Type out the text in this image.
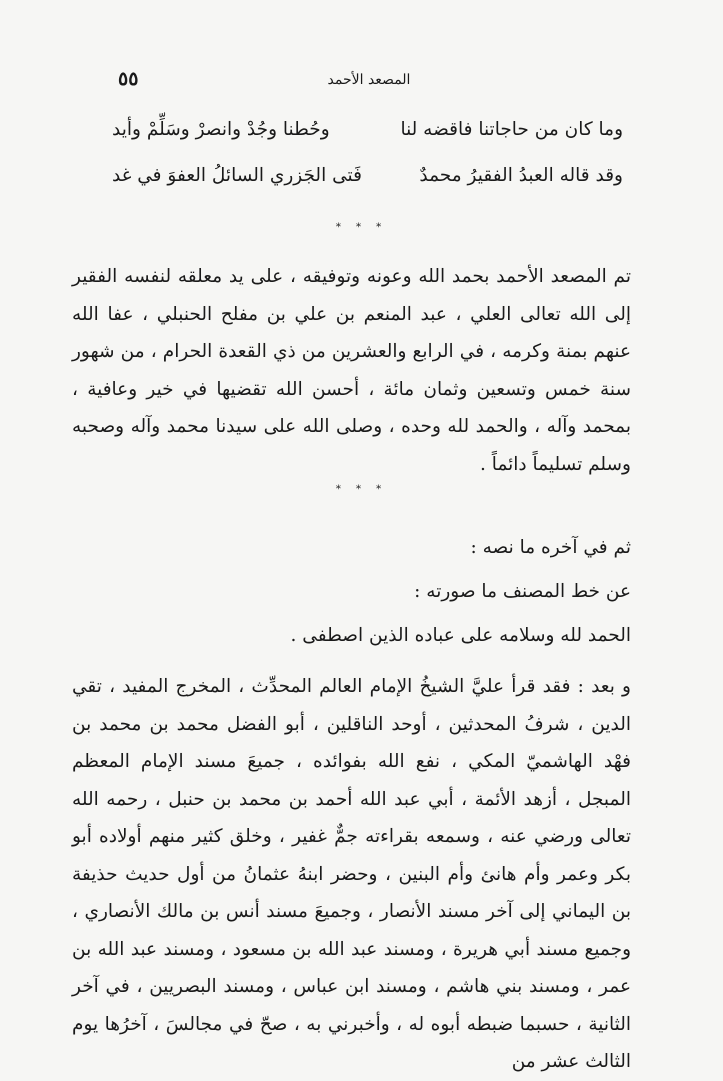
٥٥	المصعد الأحمد
وما كان من حاجاتنا فاقضه لنا
وحُطنا وجُدْ وانصرْ وسَلِّمْ وأيد
وقد قاله العبدُ الفقيرُ محمدٌ
فَتى الجَزري السائلُ العفوَ في غد
* * *

تم المصعد الأحمد بحمد الله وعونه وتوفيقه ، على يد معلقه لنفسه الفقير إلى الله تعالى العلي ، عبد المنعم بن علي بن مفلح الحنبلي ، عفا الله عنهم بمنة وكرمه ، في الرابع والعشرين من ذي القعدة الحرام ، من شهور سنة خمس وتسعين وثمان مائة ، أحسن الله تقضيها في خير وعافية ، بمحمد وآله ، والحمد لله وحده ، وصلى الله على سيدنا محمد وآله وصحبه وسلم تسليماً دائماً .

* * *
ثم في آخره ما نصه :
عن خط المصنف ما صورته :
الحمد لله وسلامه على عباده الذين اصطفى .

و بعد : فقد قرأ عليَّ الشيخُ الإمام العالم المحدِّث ، المخرج المفيد ، تقي الدين ، شرفُ المحدثين ، أوحد الناقلين ، أبو الفضل محمد بن محمد بن فهْد الهاشميّ المكي ، نفع الله بفوائده ، جميعَ مسند الإمام المعظم المبجل ، أزهد الأئمة ، أبي عبد الله أحمد بن محمد بن حنبل ، رحمه الله تعالى ورضي عنه ، وسمعه بقراءته جمٌّ غفير ، وخلق كثير منهم أولاده أبو بكر وعمر وأم هانئ وأم البنين ، وحضر ابنهُ عثمانُ من أول حديث حذيفة بن اليماني إلى آخر مسند الأنصار ، وجميعَ مسند أنس بن مالك الأنصاري ، وجميع مسند أبي هريرة ، ومسند عبد الله بن مسعود ، ومسند عبد الله بن عمر ، ومسند بني هاشم ، ومسند ابن عباس ، ومسند البصريين ، في آخر الثانية ، حسبما ضبطه أبوه له ، وأخبرني به ، صحّ في مجالسَ ، آخرُها يوم الثالث عشر من
